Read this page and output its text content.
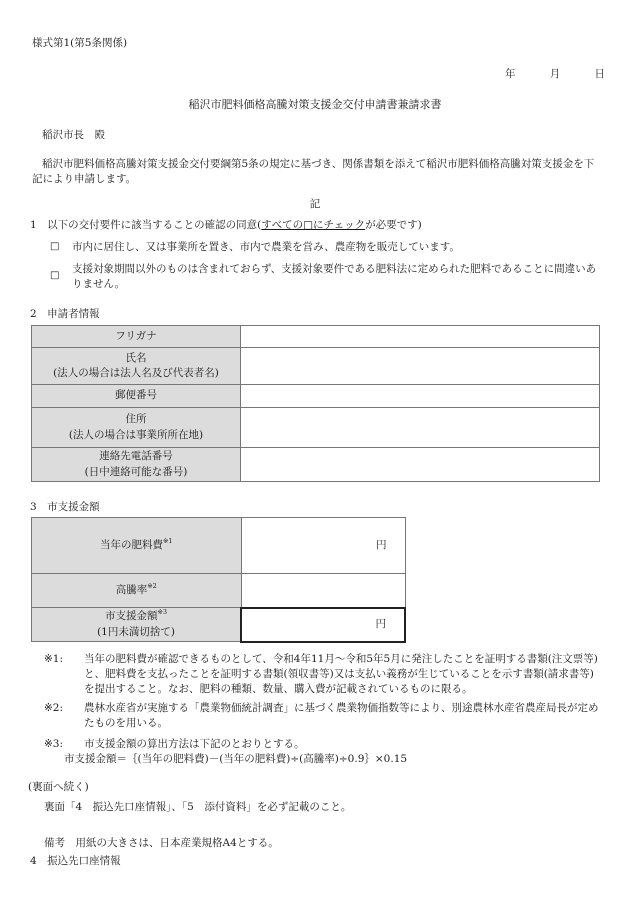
様式第1(第5条関係)
年	月	日
稲沢市肥料価格高騰対策支援金交付申請書兼請求書
稲沢市長　殿
稲沢市肥料価格高騰対策支援金交付要綱第5条の規定に基づき、関係書類を添えて稲沢市肥料価格高騰対策支援金を下記により申請します。
記
1　以下の交付要件に該当することの確認の同意(すべての□にチェックが必要です)
□	市内に居住し、又は事業所を置き、市内で農業を営み、農産物を販売しています。
□
支援対象期間以外のものは含まれておらず、支援対象要件である肥料法に定められた肥料であることに間違いありません。
2　申請者情報
フリガナ	

氏名
(法人の場合は法人名及び代表者名)	

郵便番号	

住所
(法人の場合は事業所所在地)	

連絡先電話番号
(日中連絡可能な番号)	

3　市支援金額
当年の肥料費$^{※1}$	円
高騰率$^{※2}$	

市支援金額$^{※3}$
(1円未満切捨て)	円
※1:	当年の肥料費が確認できるものとして、令和4年11月～令和5年5月に発注したことを証明する書類(注文票等)と、肥料費を支払ったことを証明する書類(領収書等)又は支払い義務が生じていることを示す書類(請求書等)を提出すること。なお、肥料の種類、数量、購入費が記載されているものに限る。
※2:	農林水産省が実施する「農業物価統計調査」に基づく農業物価指数等により、別途農林水産省農産局長が定めたものを用いる。
※3:	市支援金額の算出方法は下記のとおりとする。
市支援金額＝｛(当年の肥料費)－(当年の肥料費)÷(高騰率)÷0.9｝×0.15
(裏面へ続く)
裏面「4　振込先口座情報」、「5　添付資料」を必ず記載のこと。
備考　用紙の大きさは、日本産業規格A4とする。
4　振込先口座情報
